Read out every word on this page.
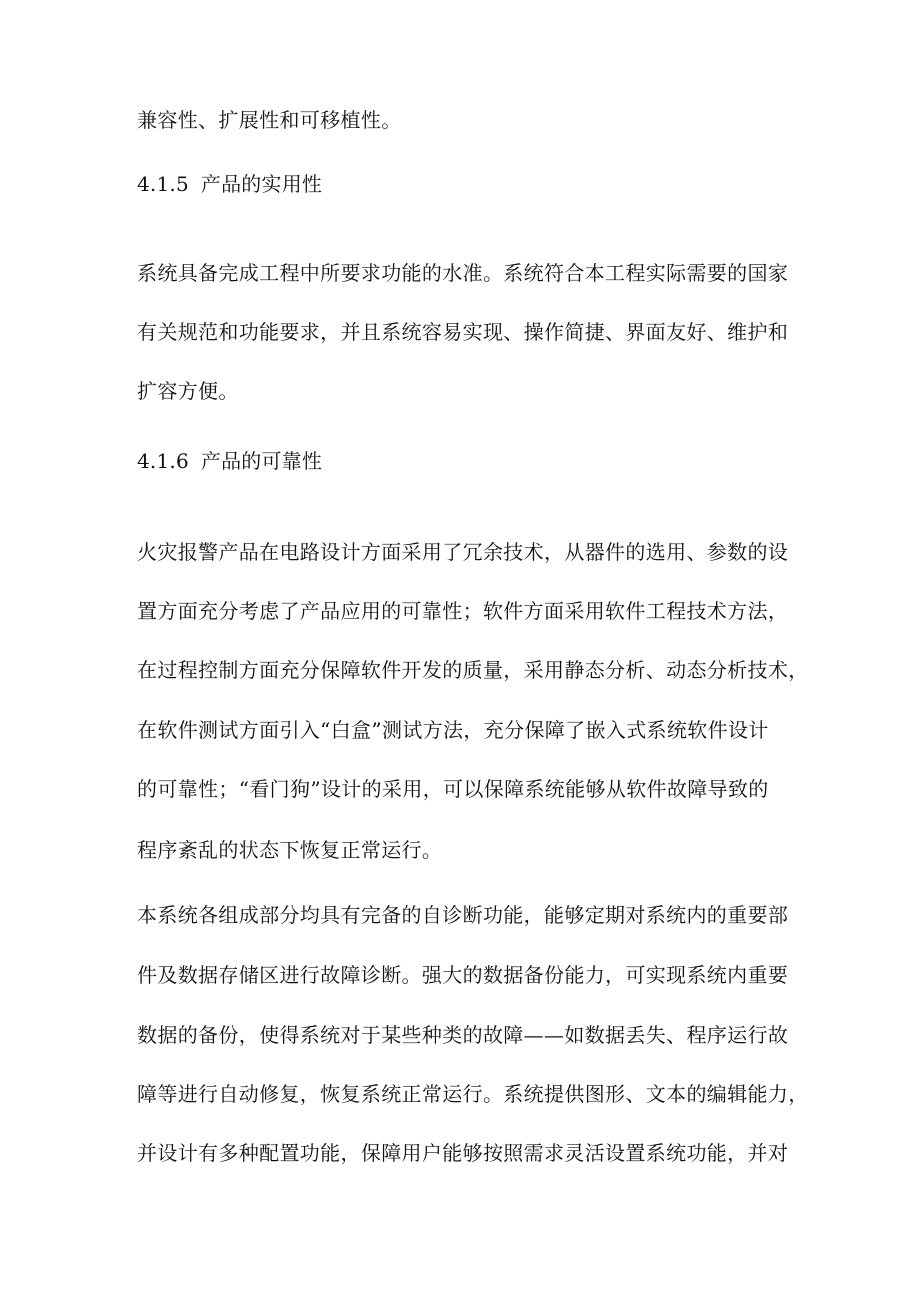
兼容性、扩展性和可移植性。
4.1.5 产品的实用性
系统具备完成工程中所要求功能的水准。系统符合本工程实际需要的国家
有关规范和功能要求，并且系统容易实现、操作简捷、界面友好、维护和
扩容方便。
4.1.6 产品的可靠性
火灾报警产品在电路设计方面采用了冗余技术，从器件的选用、参数的设
置方面充分考虑了产品应用的可靠性；软件方面采用软件工程技术方法，
在过程控制方面充分保障软件开发的质量，采用静态分析、动态分析技术，
在软件测试方面引入“白盒”测试方法，充分保障了嵌入式系统软件设计
的可靠性；“看门狗”设计的采用，可以保障系统能够从软件故障导致的
程序紊乱的状态下恢复正常运行。
本系统各组成部分均具有完备的自诊断功能，能够定期对系统内的重要部
件及数据存储区进行故障诊断。强大的数据备份能力，可实现系统内重要
数据的备份，使得系统对于某些种类的故障——如数据丢失、程序运行故
障等进行自动修复，恢复系统正常运行。系统提供图形、文本的编辑能力，
并设计有多种配置功能，保障用户能够按照需求灵活设置系统功能，并对
